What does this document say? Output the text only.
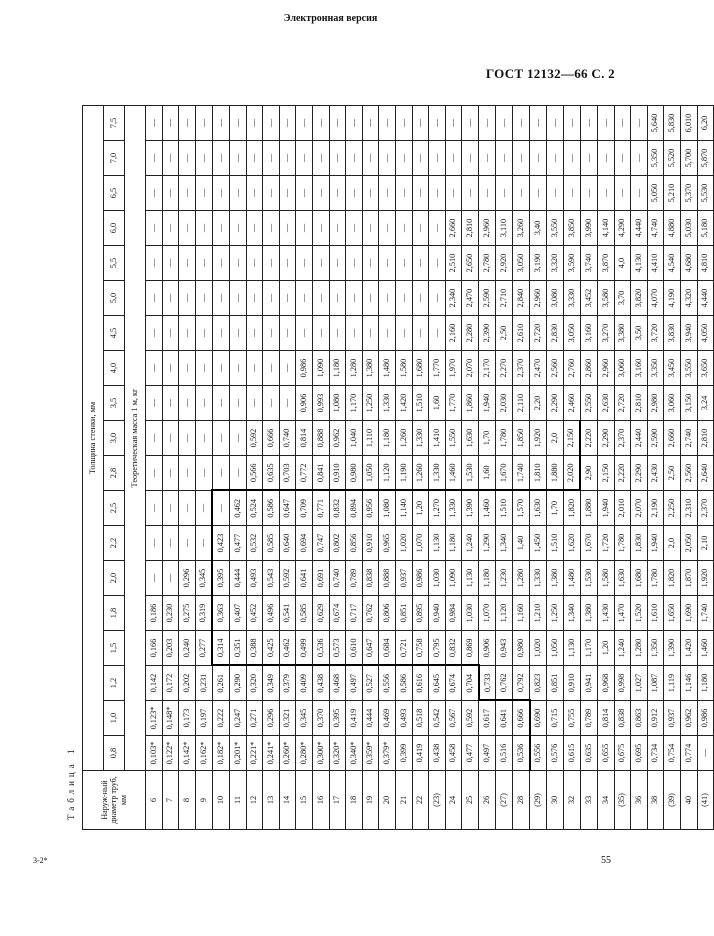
Электронная версия
ГОСТ 12132—66 С. 2
Таблица 1	Наруж-ный диаметр труб, мм	Толщина стенки, мм																		
	0,8	1,0	1,2	1,5	1,8	2,0	2,2	2,5	2,8	3,0	3,5	4,0	4,5	5,0	5,5	6,0	6,5	7,0	7,5
	Теоретическая масса 1 м, кг																		
6	0,103*	0,123*	0,142	0,166	0,186	—	—	—	—	—	—	—	—	—	—	—	—	—	—
7	0,122*	0,148*	0,172	0,203	0,230	—	—	—	—	—	—	—	—	—	—	—	—	—	—
8	0,142*	0,173	0,202	0,240	0,275	0,296	—	—	—	—	—	—	—	—	—	—	—	—	—
9	0,162*	0,197	0,231	0,277	0,319	0,345	—	—	—	—	—	—	—	—	—	—	—	—	—
10	0,182*	0,222	0,261	0,314	0,363	0,395	0,423	—	—	—	—	—	—	—	—	—	—	—	—
11	0,201*	0,247	0,290	0,351	0,407	0,444	0,477	0,462	—	—	—	—	—	—	—	—	—	—	—
12	0,221*	0,271	0,320	0,388	0,452	0,493	0,532	0,524	0,566	0,592	—	—	—	—	—	—	—	—	—
13	0,241*	0,296	0,349	0,425	0,496	0,543	0,585	0,586	0,635	0,666	—	—	—	—	—	—	—	—	—
14	0,260*	0,321	0,379	0,462	0,541	0,592	0,640	0,647	0,703	0,740	—	—	—	—	—	—	—	—	—
15	0,280*	0,345	0,409	0,499	0,585	0,641	0,694	0,709	0,772	0,814	0,906	0,986	—	—	—	—	—	—	—
16	0,300*	0,370	0,438	0,536	0,629	0,691	0,747	0,771	0,841	0,888	0,993	1,090	—	—	—	—	—	—	—
17	0,320*	0,395	0,468	0,573	0,674	0,740	0,802	0,832	0,910	0,962	1,080	1,180	—	—	—	—	—	—	—
18	0,340*	0,419	0,497	0,610	0,717	0,789	0,856	0,894	0,980	1,040	1,170	1,280	—	—	—	—	—	—	—
19	0,359*	0,444	0,527	0,647	0,762	0,838	0,910	0,956	1,050	1,110	1,250	1,380	—	—	—	—	—	—	—
20	0,379*	0,469	0,556	0,684	0,806	0,888	0,965	1,080	1,120	1,180	1,330	1,480	—	—	—	—	—	—	—
21	0,399	0,493	0,586	0,721	0,851	0,937	1,020	1,140	1,190	1,260	1,420	1,580	—	—	—	—	—	—	—
22	0,419	0,518	0,616	0,758	0,895	0,986	1,070	1,20	1,260	1,330	1,510	1,680	—	—	—	—	—	—	—
(23)	0,438	0,542	0,645	0,795	0,940	1,030	1,130	1,270	1,330	1,410	1,60	1,770	—	—	—	—	—	—	—
24	0,458	0,567	0,674	0,832	0,984	1,090	1,180	1,330	1,460	1,550	1,770	1,970	2,160	2,340	2,510	2,660	—	—	—
25	0,477	0,592	0,704	0,869	1,030	1,130	1,240	1,390	1,530	1,630	1,860	2,070	2,280	2,470	2,650	2,810	—	—	—
26	0,497	0,617	0,733	0,906	1,070	1,180	1,290	1,460	1,60	1,70	1,940	2,170	2,390	2,590	2,780	2,960	—	—	—
(27)	0,516	0,641	0,762	0,943	1,120	1,230	1,340	1,510	1,670	1,780	2,030	2,270	2,50	2,710	2,920	3,110	—	—	—
28	0,536	0,666	0,792	0,980	1,160	1,280	1,40	1,570	1,740	1,850	2,110	2,370	2,610	2,840	3,050	3,260	—	—	—
(29)	0,556	0,690	0,823	1,020	1,210	1,330	1,450	1,630	1,810	1,920	2,20	2,470	2,720	2,960	3,190	3,40	—	—	—
30	0,576	0,715	0,851	1,050	1,250	1,380	1,510	1,70	1,880	2,0	2,290	2,560	2,830	3,080	3,320	3,550	—	—	—
32	0,615	0,755	0,910	1,130	1,340	1,480	1,620	1,820	2,020	2,150	2,460	2,760	3,050	3,330	3,590	3,850	—	—	—
33	0,635	0,789	0,941	1,170	1,380	1,530	1,670	1,880	2,90	2,220	2,550	2,860	3,160	3,452	3,740	3,990	—	—	—
34	0,655	0,814	0,968	1,20	1,430	1,580	1,720	1,940	2,150	2,290	2,630	2,960	3,270	3,580	3,870	4,140	—	—	—
(35)	0,675	0,838	0,998	1,240	1,470	1,630	1,780	2,010	2,220	2,370	2,720	3,060	3,380	3,70	4,0	4,290	—	—	—
36	0,695	0,863	1,027	1,280	1,520	1,680	1,830	2,070	2,290	2,440	2,810	3,160	3,50	3,820	4,130	4,440	—	—	—
38	0,734	0,912	1,087	1,350	1,610	1,780	1,940	2,190	2,430	2,590	2,980	3,350	3,720	4,070	4,410	4,740	5,050	5,350	5,640
(39)	0,754	0,937	1,119	1,390	1,650	1,820	2,0	2,250	2,50	2,660	3,060	3,450	3,830	4,190	4,540	4,880	5,210	5,520	5,830
40	0,774	0,962	1,146	1,420	1,690	1,870	2,050	2,310	2,560	2,740	3,150	3,550	3,940	4,320	4,680	5,030	5,370	5,700	6,010
(41)	—	0,986	1,180	1,460	1,740	1,920	2,10	2,370	2,640	2,810	3,24	3,650	4,050	4,440	4,810	5,180	5,530	5,870	6,20
3-2*	55
